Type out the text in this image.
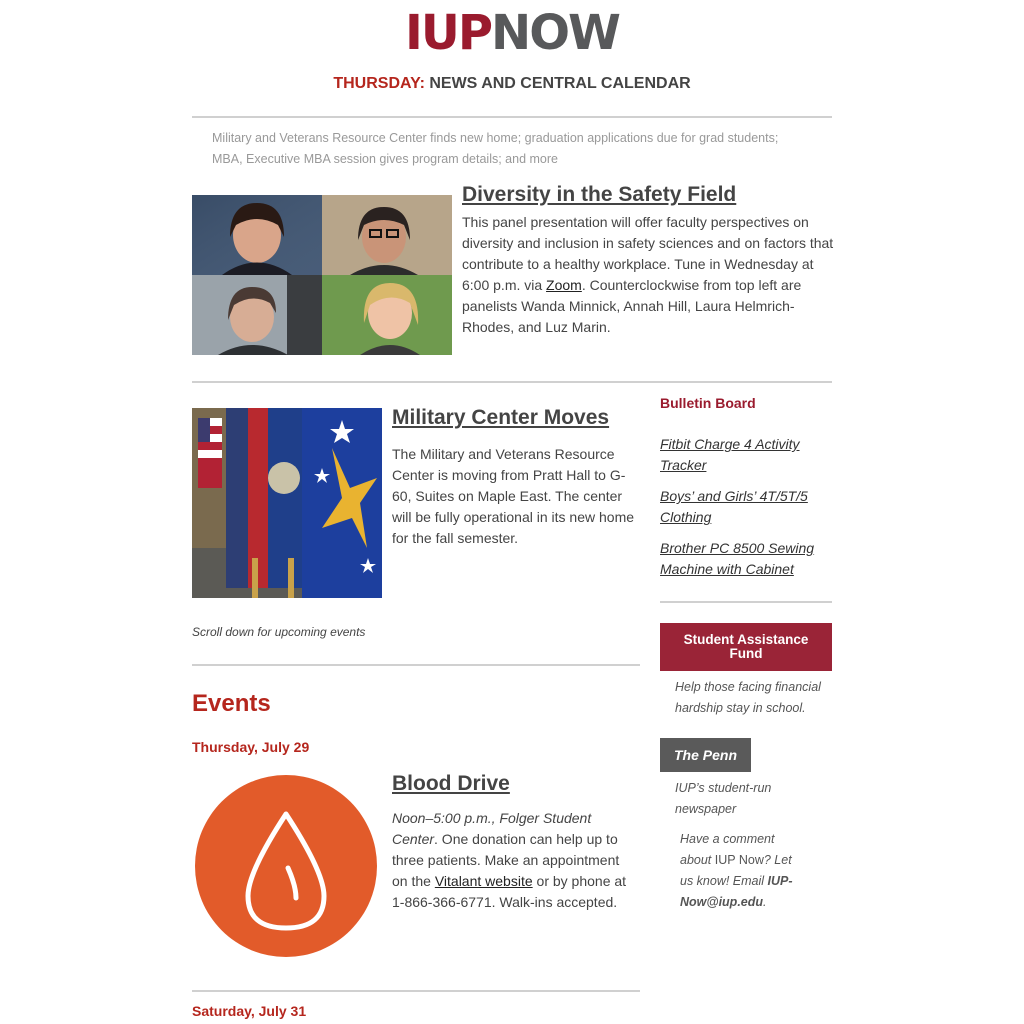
IUPNOW
THURSDAY: NEWS AND CENTRAL CALENDAR
Military and Veterans Resource Center finds new home; graduation applications due for grad students; MBA, Executive MBA session gives program details; and more
Diversity in the Safety Field
This panel presentation will offer faculty perspectives on diversity and inclusion in safety sciences and on factors that contribute to a healthy workplace. Tune in Wednesday at 6:00 p.m. via Zoom. Counterclockwise from top left are panelists Wanda Minnick, Annah Hill, Laura Helmrich-Rhodes, and Luz Marin.
Military Center Moves
The Military and Veterans Resource Center is moving from Pratt Hall to G-60, Suites on Maple East. The center will be fully operational in its new home for the fall semester.
Scroll down for upcoming events
Events
Thursday, July 29
Blood Drive
Noon–5:00 p.m., Folger Student Center. One donation can help up to three patients. Make an appointment on the Vitalant website or by phone at 1-866-366-6771. Walk-ins accepted.
Saturday, July 31
Bulletin Board
Fitbit Charge 4 Activity Tracker
Boys’ and Girls’ 4T/5T/5 Clothing
Brother PC 8500 Sewing Machine with Cabinet
Student Assistance Fund
Help those facing financial hardship stay in school.
The Penn
IUP’s student-run newspaper
Have a comment about IUP Now? Let us know! Email IUP-Now@iup.edu.
